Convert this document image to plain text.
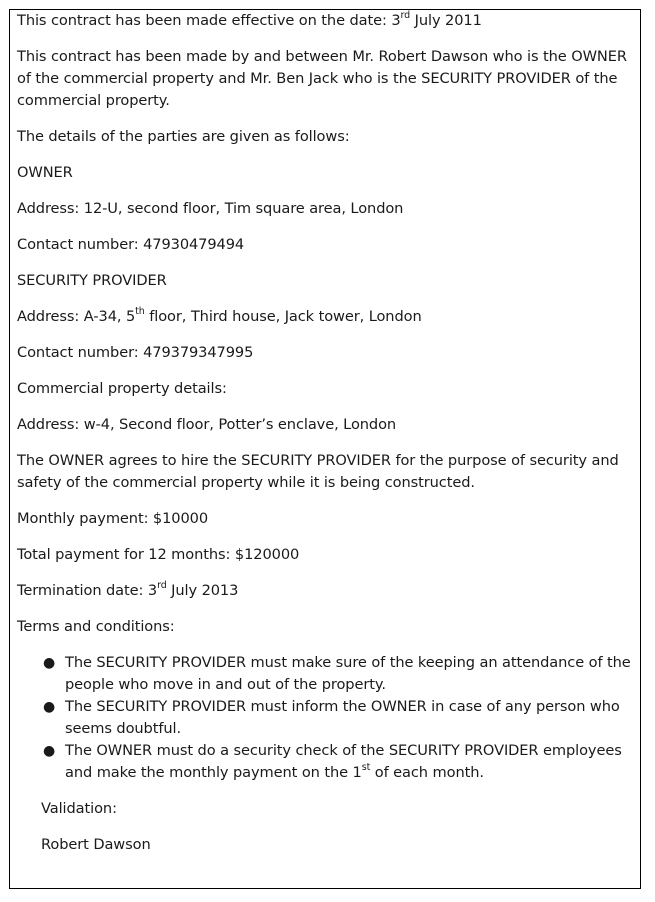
This contract has been made effective on the date: 3rd July 2011

This contract has been made by and between Mr. Robert Dawson who is the OWNER of the commercial property and Mr. Ben Jack who is the SECURITY PROVIDER of the commercial property.

The details of the parties are given as follows:

OWNER

Address: 12-U, second floor, Tim square area, London

Contact number: 47930479494

SECURITY PROVIDER

Address: A-34, 5th floor, Third house, Jack tower, London

Contact number: 479379347995

Commercial property details:

Address: w-4, Second floor, Potter’s enclave, London

The OWNER agrees to hire the SECURITY PROVIDER for the purpose of security and safety of the commercial property while it is being constructed.

Monthly payment: $10000

Total payment for 12 months: $120000

Termination date: 3rd July 2013

Terms and conditions:

● The SECURITY PROVIDER must make sure of the keeping an attendance of the people who move in and out of the property.
● The SECURITY PROVIDER must inform the OWNER in case of any person who seems doubtful.
● The OWNER must do a security check of the SECURITY PROVIDER employees and make the monthly payment on the 1st of each month.

Validation:

Robert Dawson
